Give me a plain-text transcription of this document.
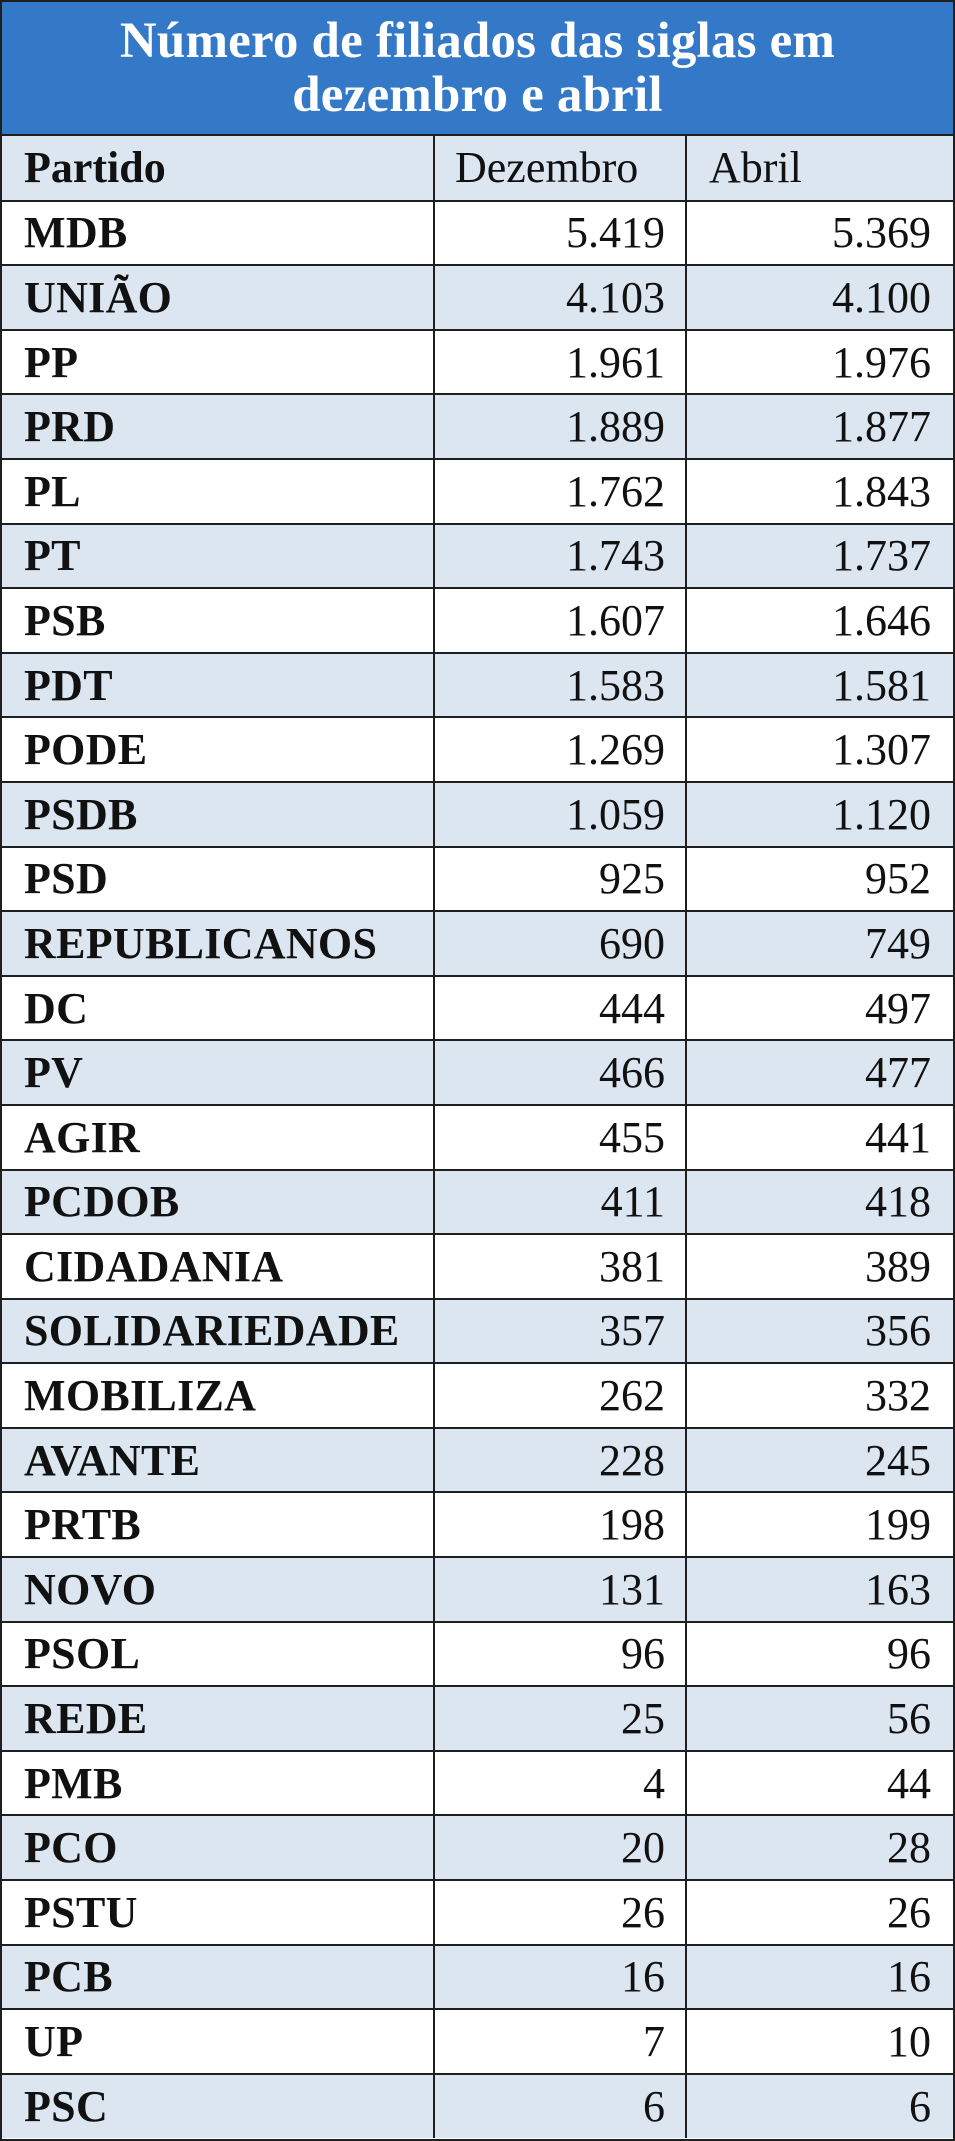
Número de filiados das siglas em
dezembro e abril
Partido	Dezembro	Abril
MDB	5.419	5.369
UNIÃO	4.103	4.100
PP	1.961	1.976
PRD	1.889	1.877
PL	1.762	1.843
PT	1.743	1.737
PSB	1.607	1.646
PDT	1.583	1.581
PODE	1.269	1.307
PSDB	1.059	1.120
PSD	925	952
REPUBLICANOS	690	749
DC	444	497
PV	466	477
AGIR	455	441
PCDOB	411	418
CIDADANIA	381	389
SOLIDARIEDADE	357	356
MOBILIZA	262	332
AVANTE	228	245
PRTB	198	199
NOVO	131	163
PSOL	96	96
REDE	25	56
PMB	4	44
PCO	20	28
PSTU	26	26
PCB	16	16
UP	7	10
PSC	6	6
